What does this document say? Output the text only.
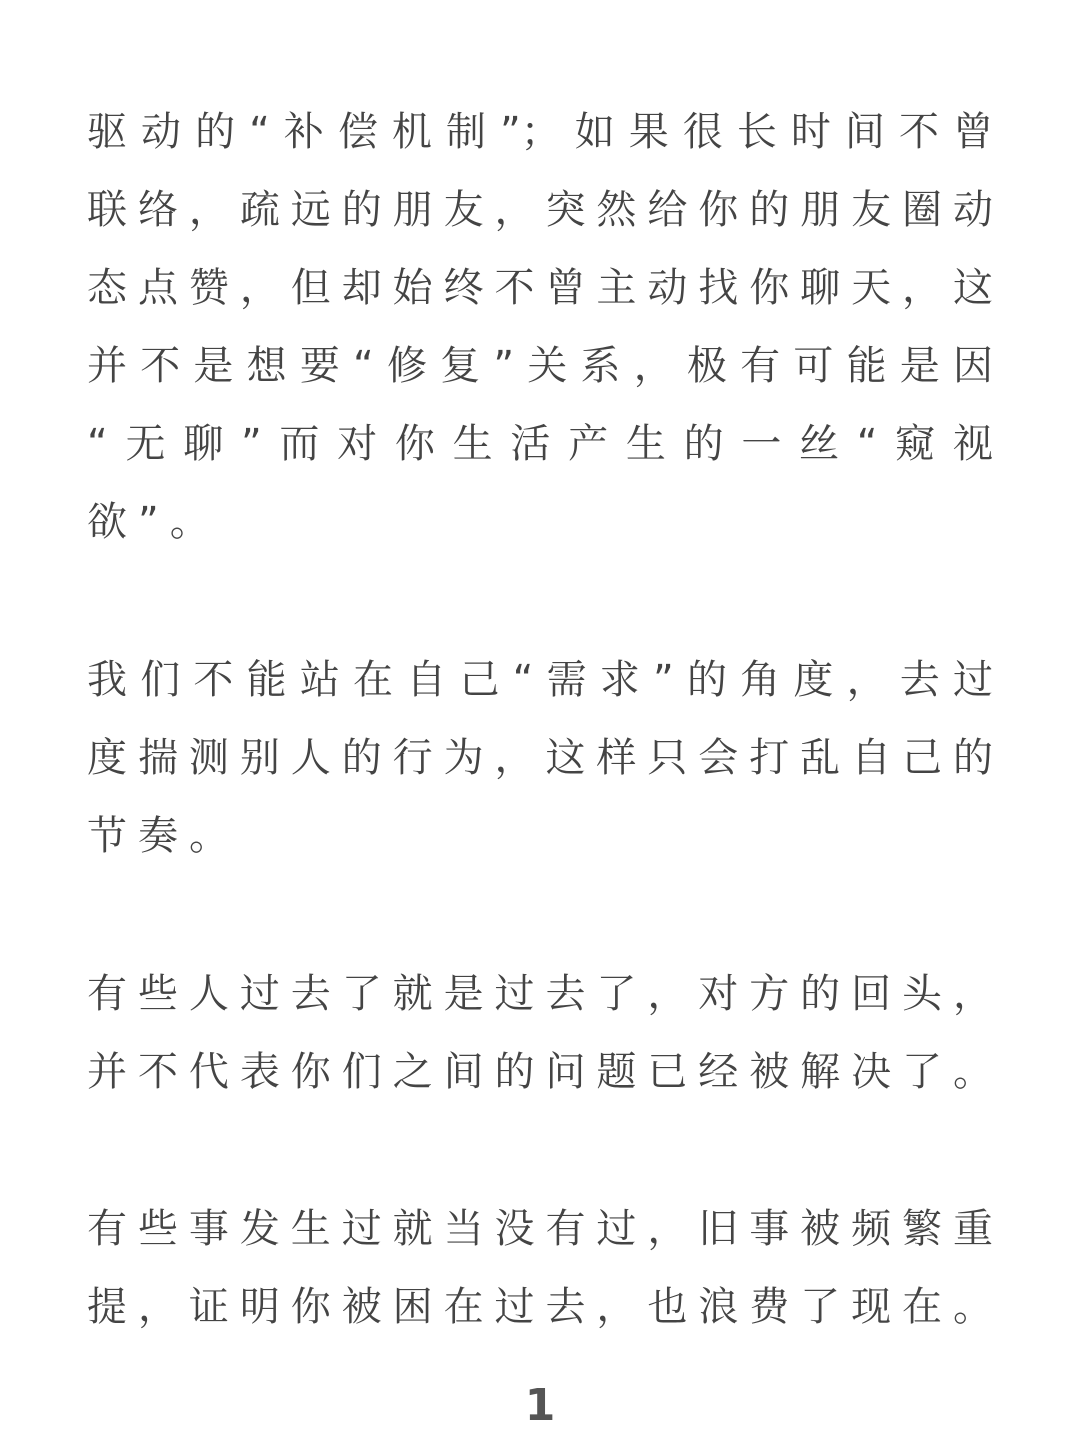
驱动的“补偿机制”；如果很长时间不曾
联络，疏远的朋友，突然给你的朋友圈动
态点赞，但却始终不曾主动找你聊天，这
并不是想要“修复”关系，极有可能是因
“无聊”而对你生活产生的一丝“窥视
欲”。
我们不能站在自己“需求”的角度，去过
度揣测别人的行为，这样只会打乱自己的
节奏。
有些人过去了就是过去了，对方的回头，
并不代表你们之间的问题已经被解决了。
有些事发生过就当没有过，旧事被频繁重
提，证明你被困在过去，也浪费了现在。
1
